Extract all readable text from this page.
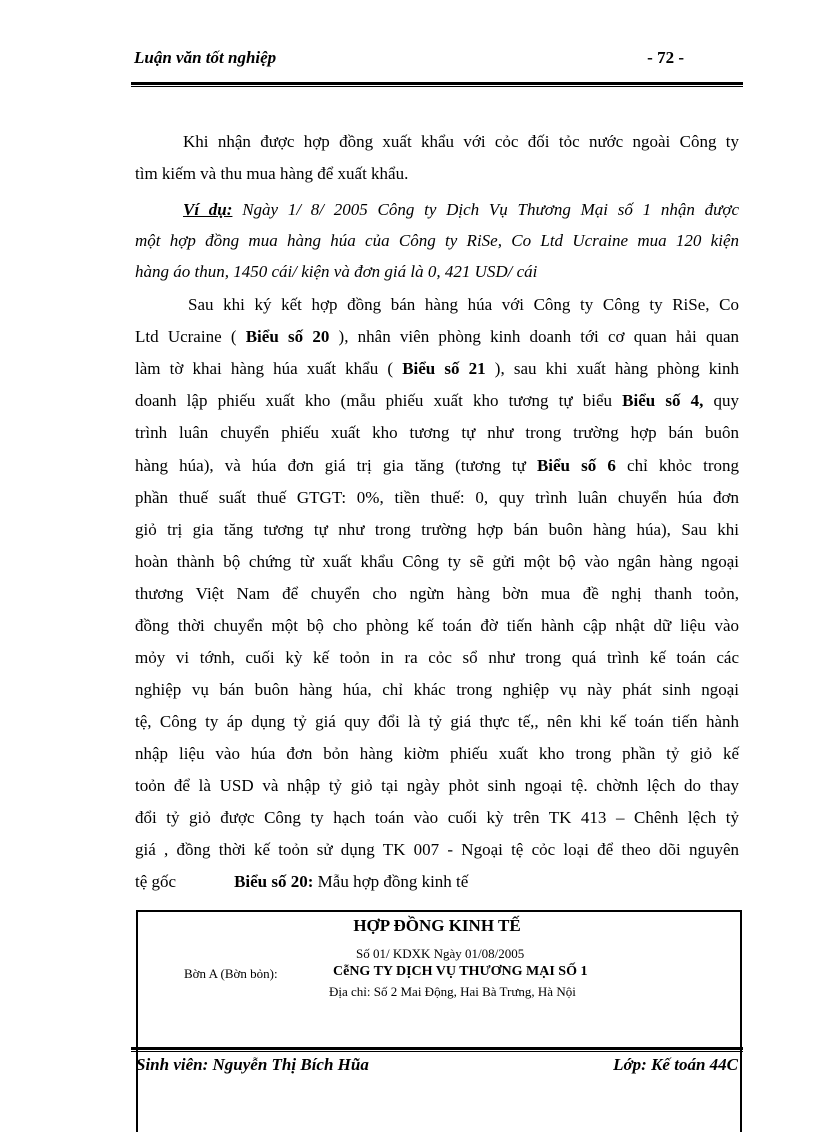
Luận văn tốt nghiệp	- 72 -
Khi nhận được hợp đồng xuất khẩu với cỏc đối tỏc nước ngoài Công ty
tìm kiếm và thu mua hàng để xuất khẩu.
Ví dụ: Ngày 1/ 8/ 2005 Công ty Dịch Vụ Thương Mại số 1 nhận được
một hợp đồng mua hàng húa của Công ty RiSe, Co Ltd Ucraine mua 120 kiện
hàng áo thun, 1450 cái/ kiện và đơn giá là 0, 421 USD/ cái
Sau khi ký kết hợp đồng bán hàng húa với Công ty Công ty RiSe, Co
Ltd Ucraine ( Biểu số 20 ), nhân viên phòng kinh doanh tới cơ quan hải quan
làm tờ khai hàng húa xuất khẩu ( Biểu số 21 ), sau khi xuất hàng phòng kinh
doanh lập phiếu xuất kho (mẫu phiếu xuất kho tương tự biểu Biểu số 4, quy
trình luân chuyển phiếu xuất kho tương tự như trong trường hợp bán buôn
hàng húa), và húa đơn giá trị gia tăng (tương tự Biểu số 6 chỉ khỏc trong
phần thuế suất thuế GTGT: 0%, tiền thuế: 0, quy trình luân chuyển húa đơn
giỏ trị gia tăng tương tự như trong trường hợp bán buôn hàng húa), Sau khi
hoàn thành bộ chứng từ xuất khẩu Công ty sẽ gửi một bộ vào ngân hàng ngoại
thương Việt Nam để chuyển cho ngừn hàng bờn mua đề nghị thanh toỏn,
đồng thời chuyển một bộ cho phòng kế toán đờ tiến hành cập nhật dữ liệu vào
mỏy vi tớnh, cuối kỳ kế toỏn in ra cỏc sổ như trong quá trình kế toán các
nghiệp vụ bán buôn hàng húa, chỉ khác trong nghiệp vụ này phát sinh ngoại
tệ, Công ty áp dụng tỷ giá quy đổi là tỷ giá thực tế,, nên khi kế toán tiến hành
nhập liệu vào húa đơn bỏn hàng kiờm phiếu xuất kho trong phần tỷ giỏ kế
toỏn để là USD và nhập tỷ giỏ tại ngày phỏt sinh ngoại tệ. chờnh lệch do thay
đổi tỷ giỏ được Công ty hạch toán vào cuối kỳ trên TK 413 – Chênh lệch tỷ
giá , đồng thời kế toỏn sử dụng TK 007 - Ngoại tệ cỏc loại để theo dõi nguyên
tệ gốc	Biểu số 20: Mẫu hợp đồng kinh tế
HỢP ĐỒNG KINH TẾ
Số 01/ KDXK Ngày 01/08/2005
Bờn A (Bờn bỏn):	CễNG TY DỊCH VỤ THƯƠNG MẠI SỐ 1
Địa chỉ: Số 2 Mai Động, Hai Bà Trưng, Hà Nội
Sinh viên: Nguyễn Thị Bích Hũa	Lớp: Kế toán 44C
